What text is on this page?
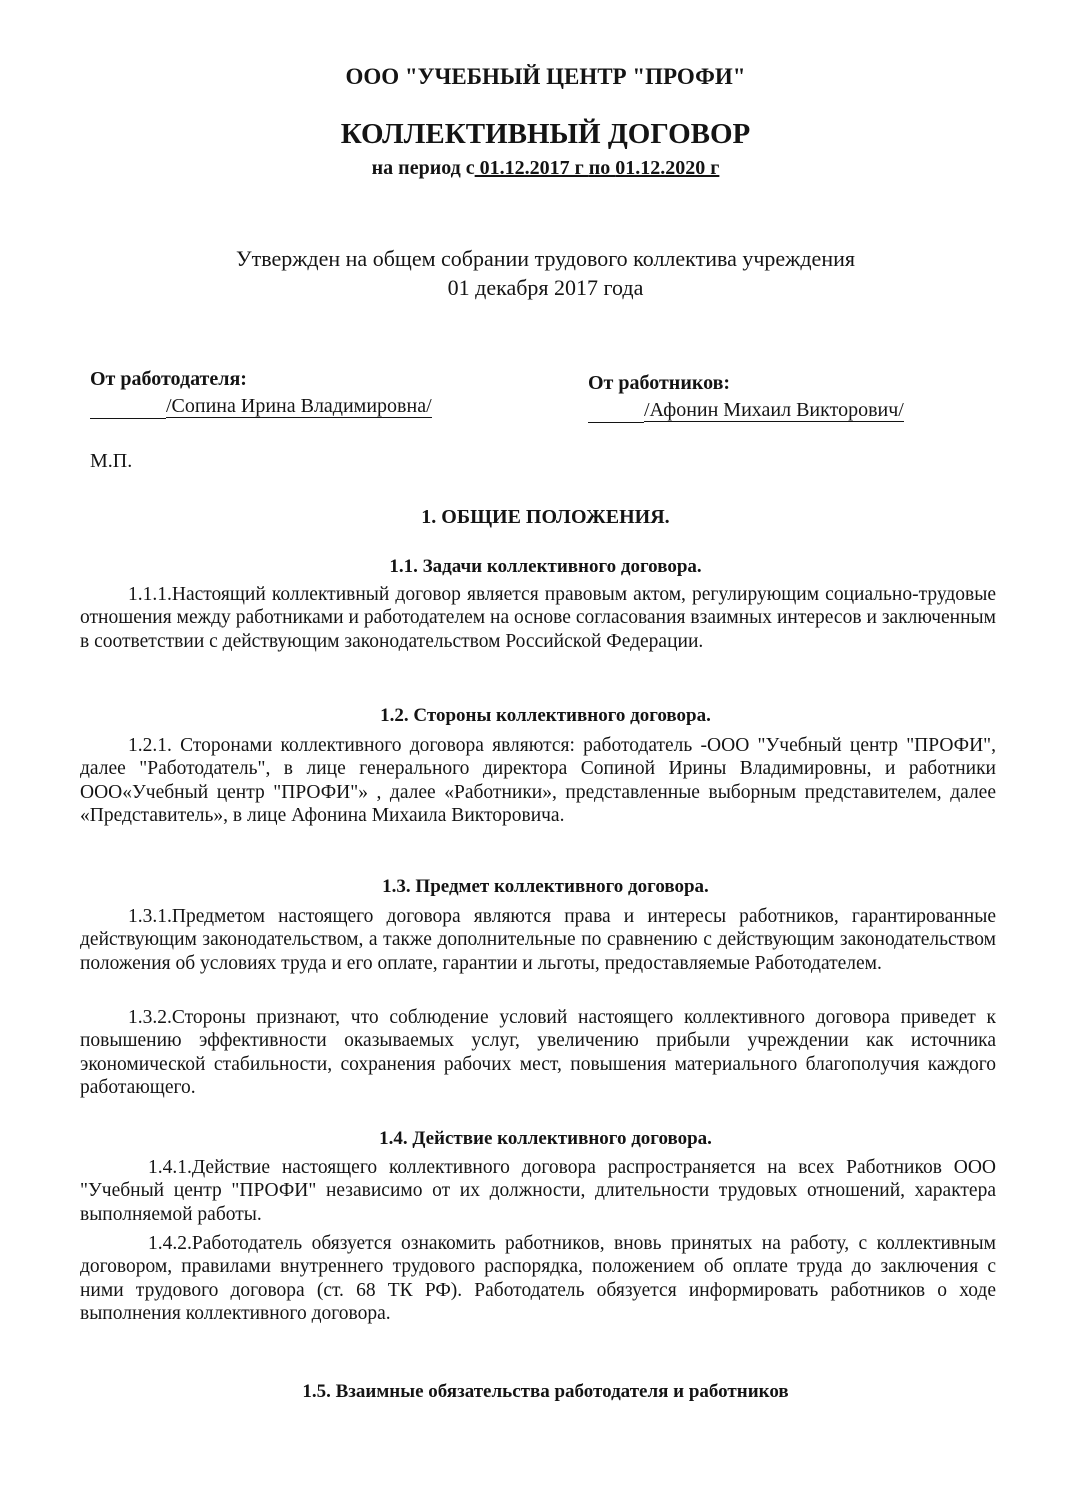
ООО "УЧЕБНЫЙ ЦЕНТР "ПРОФИ"
КОЛЛЕКТИВНЫЙ ДОГОВОР
на период с 01.12.2017 г по 01.12.2020 г
Утвержден на общем собрании трудового коллектива учреждения
01 декабря 2017 года
От работодателя:
/Сопина Ирина Владимировна/
От работников:
/Афонин Михаил Викторович/
М.П.
1. ОБЩИЕ ПОЛОЖЕНИЯ.
1.1. Задачи коллективного договора.
1.1.1.Настоящий коллективный договор является правовым актом, регулирующим социально-трудовые отношения между работниками и работодателем на основе согласования взаимных интересов и заключенным в соответствии с действующим законодательством Российской Федерации.
1.2. Стороны коллективного договора.
1.2.1. Сторонами коллективного договора являются: работодатель -ООО "Учебный центр "ПРОФИ", далее "Работодатель", в лице генерального директора Сопиной Ирины Владимировны, и работники ООО«Учебный центр "ПРОФИ"» , далее «Работники», представленные выборным представителем, далее «Представитель», в лице Афонина Михаила Викторовича.
1.3. Предмет коллективного договора.
1.3.1.Предметом настоящего договора являются права и интересы работников, гарантированные действующим законодательством, а также дополнительные по сравнению с действующим законодательством положения об условиях труда и его оплате, гарантии и льготы, предоставляемые Работодателем.
1.3.2.Стороны признают, что соблюдение условий настоящего коллективного договора приведет к повышению эффективности оказываемых услуг, увеличению прибыли учреждении как источника экономической стабильности, сохранения рабочих мест, повышения материального благополучия каждого работающего.
1.4. Действие коллективного договора.
1.4.1.Действие настоящего коллективного договора распространяется на всех Работников ООО "Учебный центр "ПРОФИ" независимо от их должности, длительности трудовых отношений, характера выполняемой работы.
1.4.2.Работодатель обязуется ознакомить работников, вновь принятых на работу, с коллективным договором, правилами внутреннего трудового распорядка, положением об оплате труда до заключения с ними трудового договора (ст. 68 ТК РФ). Работодатель обязуется информировать работников о ходе выполнения коллективного договора.
1.5. Взаимные обязательства работодателя и работников
